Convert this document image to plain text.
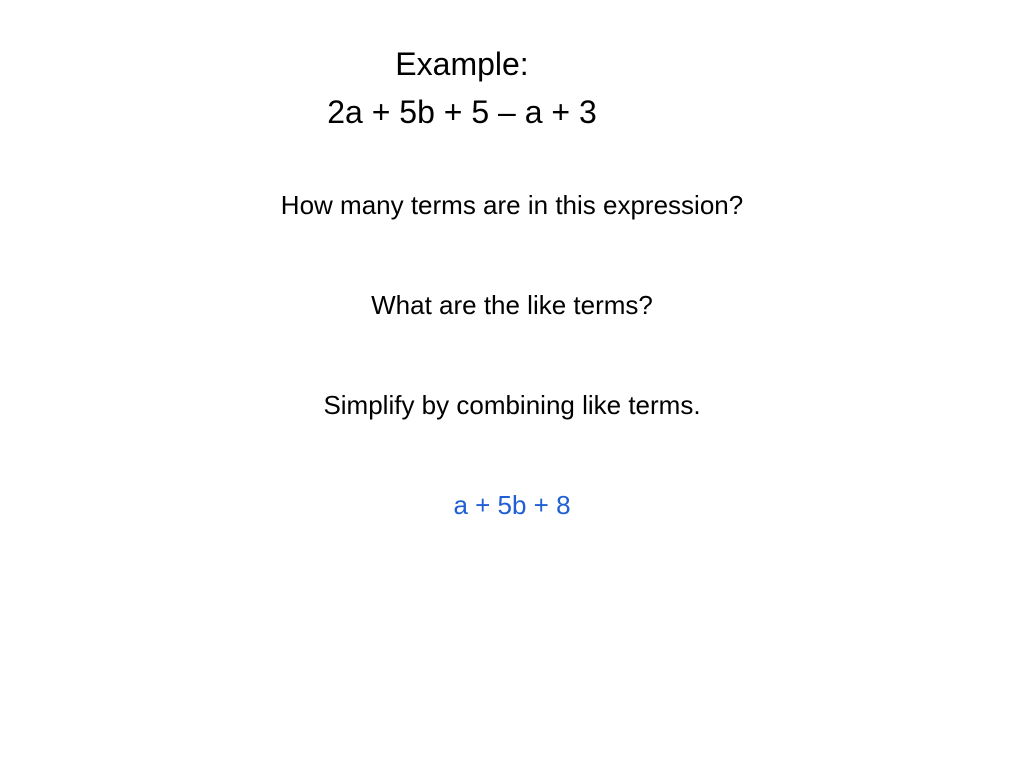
Example:
2a + 5b + 5 – a + 3

How many terms are in this expression?

What are the like terms?

Simplify by combining like terms.

a + 5b + 8
